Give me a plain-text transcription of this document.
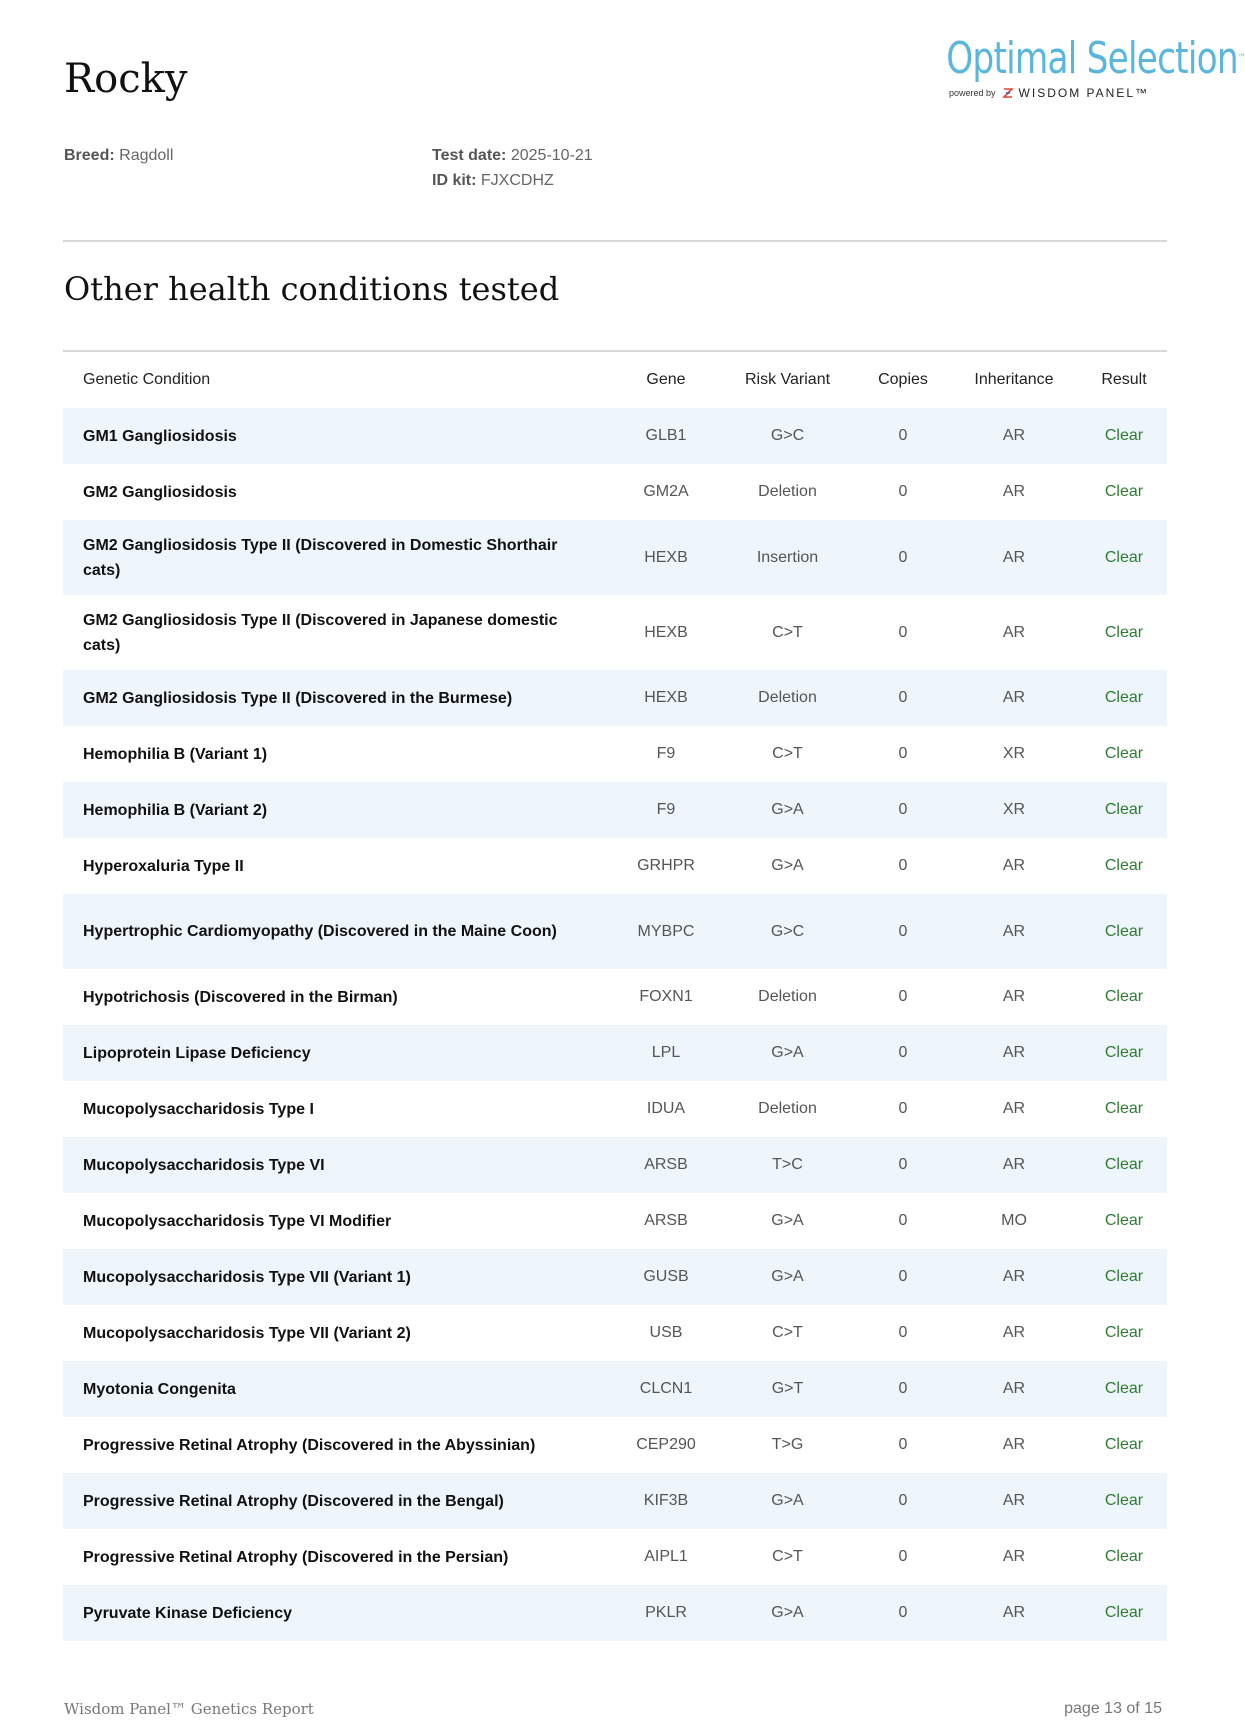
Rocky	Optimal Selection™
powered by WISDOM PANEL™
Breed: Ragdoll	Test date: 2025-10-21
ID kit: FJXCDHZ
Other health conditions tested
Genetic Condition	Gene	Risk Variant	Copies	Inheritance	Result
GM1 Gangliosidosis	GLB1	G>C	0	AR	Clear
GM2 Gangliosidosis	GM2A	Deletion	0	AR	Clear
GM2 Gangliosidosis Type II (Discovered in Domestic Shorthair cats)	HEXB	Insertion	0	AR	Clear
GM2 Gangliosidosis Type II (Discovered in Japanese domestic cats)	HEXB	C>T	0	AR	Clear
GM2 Gangliosidosis Type II (Discovered in the Burmese)	HEXB	Deletion	0	AR	Clear
Hemophilia B (Variant 1)	F9	C>T	0	XR	Clear
Hemophilia B (Variant 2)	F9	G>A	0	XR	Clear
Hyperoxaluria Type II	GRHPR	G>A	0	AR	Clear
Hypertrophic Cardiomyopathy (Discovered in the Maine Coon)	MYBPC	G>C	0	AR	Clear
Hypotrichosis (Discovered in the Birman)	FOXN1	Deletion	0	AR	Clear
Lipoprotein Lipase Deficiency	LPL	G>A	0	AR	Clear
Mucopolysaccharidosis Type I	IDUA	Deletion	0	AR	Clear
Mucopolysaccharidosis Type VI	ARSB	T>C	0	AR	Clear
Mucopolysaccharidosis Type VI Modifier	ARSB	G>A	0	MO	Clear
Mucopolysaccharidosis Type VII (Variant 1)	GUSB	G>A	0	AR	Clear
Mucopolysaccharidosis Type VII (Variant 2)	USB	C>T	0	AR	Clear
Myotonia Congenita	CLCN1	G>T	0	AR	Clear
Progressive Retinal Atrophy (Discovered in the Abyssinian)	CEP290	T>G	0	AR	Clear
Progressive Retinal Atrophy (Discovered in the Bengal)	KIF3B	G>A	0	AR	Clear
Progressive Retinal Atrophy (Discovered in the Persian)	AIPL1	C>T	0	AR	Clear
Pyruvate Kinase Deficiency	PKLR	G>A	0	AR	Clear
Wisdom Panel™ Genetics Report	page 13 of 15
